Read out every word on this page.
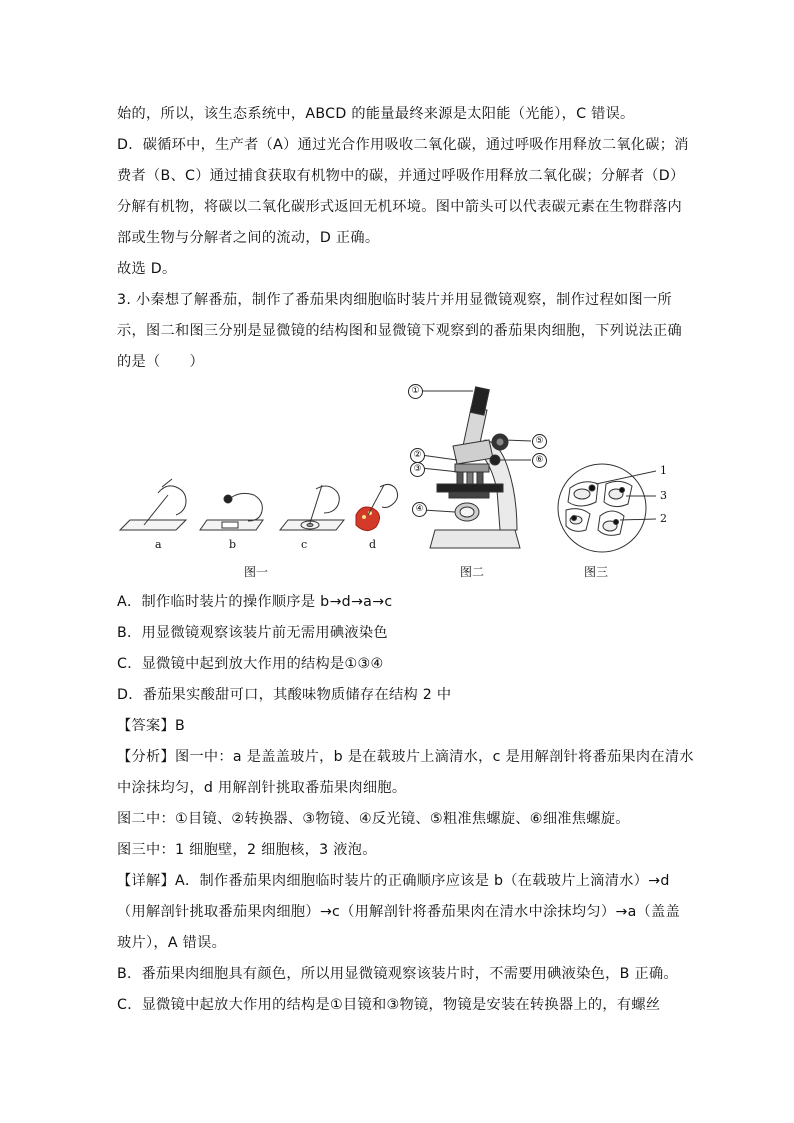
始的，所以，该生态系统中，ABCD 的能量最终来源是太阳能（光能），C 错误。
D．碳循环中，生产者（A）通过光合作用吸收二氧化碳，通过呼吸作用释放二氧化碳；消
费者（B、C）通过捕食获取有机物中的碳，并通过呼吸作用释放二氧化碳；分解者（D）
分解有机物，将碳以二氧化碳形式返回无机环境。图中箭头可以代表碳元素在生物群落内
部或生物与分解者之间的流动，D 正确。
故选 D。
3. 小秦想了解番茄，制作了番茄果肉细胞临时装片并用显微镜观察，制作过程如图一所
示，图二和图三分别是显微镜的结构图和显微镜下观察到的番茄果肉细胞，下列说法正确
的是（　　）
a	b	c	d
图一
①
②
③
④
⑤
⑥
图二
1
3
2
图三
A．制作临时装片的操作顺序是 b→d→a→c
B．用显微镜观察该装片前无需用碘液染色
C．显微镜中起到放大作用的结构是①③④
D．番茄果实酸甜可口，其酸味物质储存在结构 2 中
【答案】B
【分析】图一中：a 是盖盖玻片，b 是在载玻片上滴清水，c 是用解剖针将番茄果肉在清水
中涂抹均匀，d 用解剖针挑取番茄果肉细胞。
图二中：①目镜、②转换器、③物镜、④反光镜、⑤粗准焦螺旋、⑥细准焦螺旋。
图三中：1 细胞壁，2 细胞核，3 液泡。
【详解】A．制作番茄果肉细胞临时装片的正确顺序应该是 b（在载玻片上滴清水）→d
（用解剖针挑取番茄果肉细胞）→c（用解剖针将番茄果肉在清水中涂抹均匀）→a（盖盖
玻片），A 错误。
B．番茄果肉细胞具有颜色，所以用显微镜观察该装片时，不需要用碘液染色，B 正确。
C．显微镜中起放大作用的结构是①目镜和③物镜，物镜是安装在转换器上的，有螺丝
